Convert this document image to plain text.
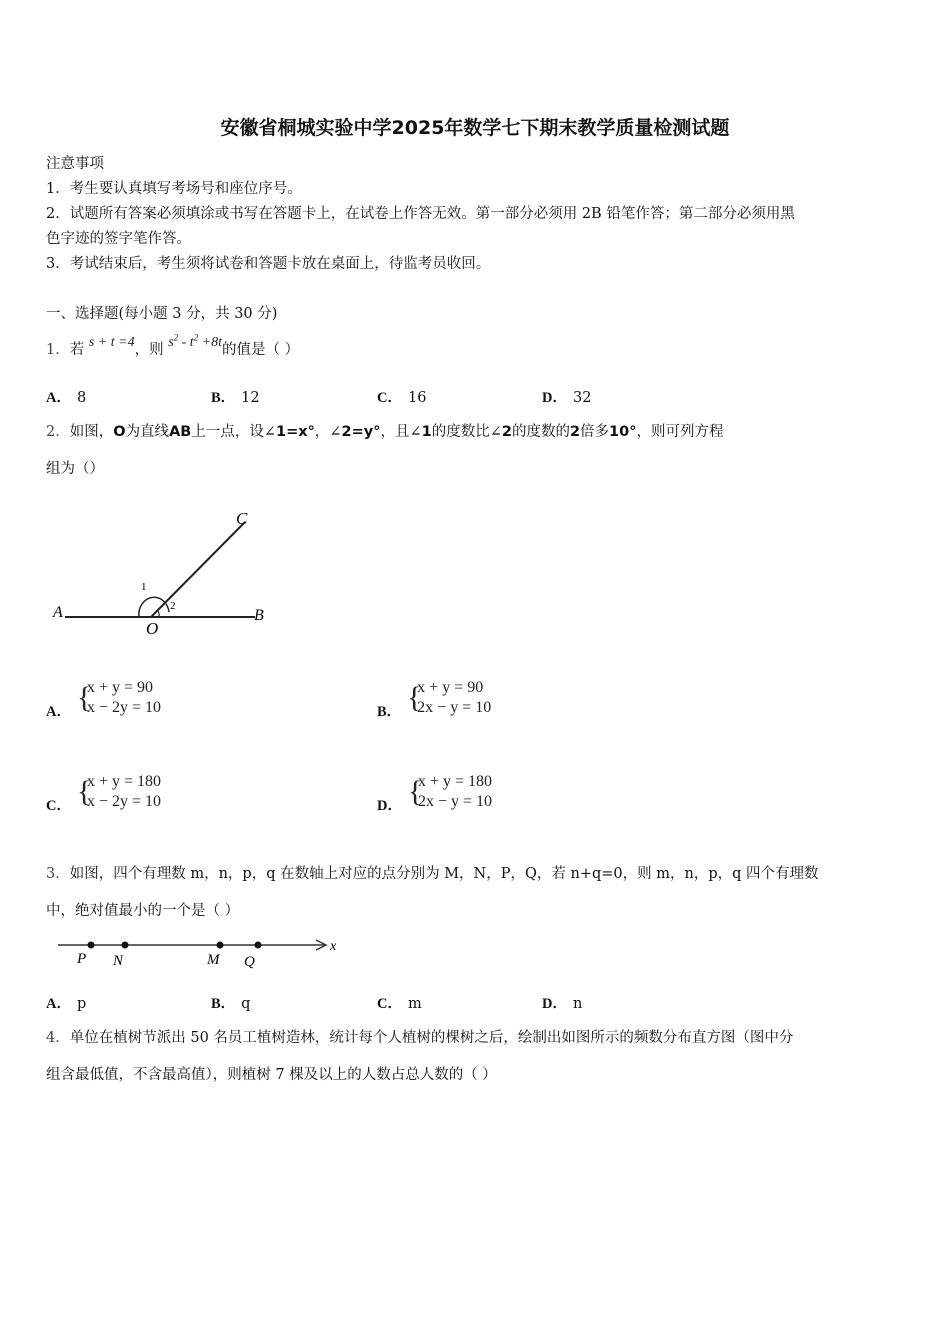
安徽省桐城实验中学2025年数学七下期末教学质量检测试题
注意事项
1．考生要认真填写考场号和座位序号。
2．试题所有答案必须填涂或书写在答题卡上，在试卷上作答无效。第一部分必须用 2B 铅笔作答；第二部分必须用黑
色字迹的签字笔作答。
3．考试结束后，考生须将试卷和答题卡放在桌面上，待监考员收回。
一、选择题(每小题 3 分，共 30 分)
1．若 s + t =4，则 $s^2 - t^2 +8t$的值是（ ）
A． 8	B． 12	C． 16	D． 32
2．如图，O为直线AB上一点，设∠1=x°，∠2=y°，且∠1的度数比∠2的度数的2倍多10°，则可列方程
组为（）
A	B
C
O
1
2
A． {
x + y = 90
x − 2y = 10	B． {
x + y = 90
2x − y = 10
C． {
x + y = 180
x − 2y = 10	D． {
x + y = 180
2x − y = 10
3．如图，四个有理数 m，n，p，q 在数轴上对应的点分别为 M，N，P，Q，若 n+q=0，则 m，n，p，q 四个有理数
中，绝对值最小的一个是（ ）
P N	M Q
x
A． p	B． q	C． m	D． n
4．单位在植树节派出 50 名员工植树造林，统计每个人植树的棵树之后，绘制出如图所示的频数分布直方图（图中分
组含最低值，不含最高值），则植树 7 棵及以上的人数占总人数的（ ）
